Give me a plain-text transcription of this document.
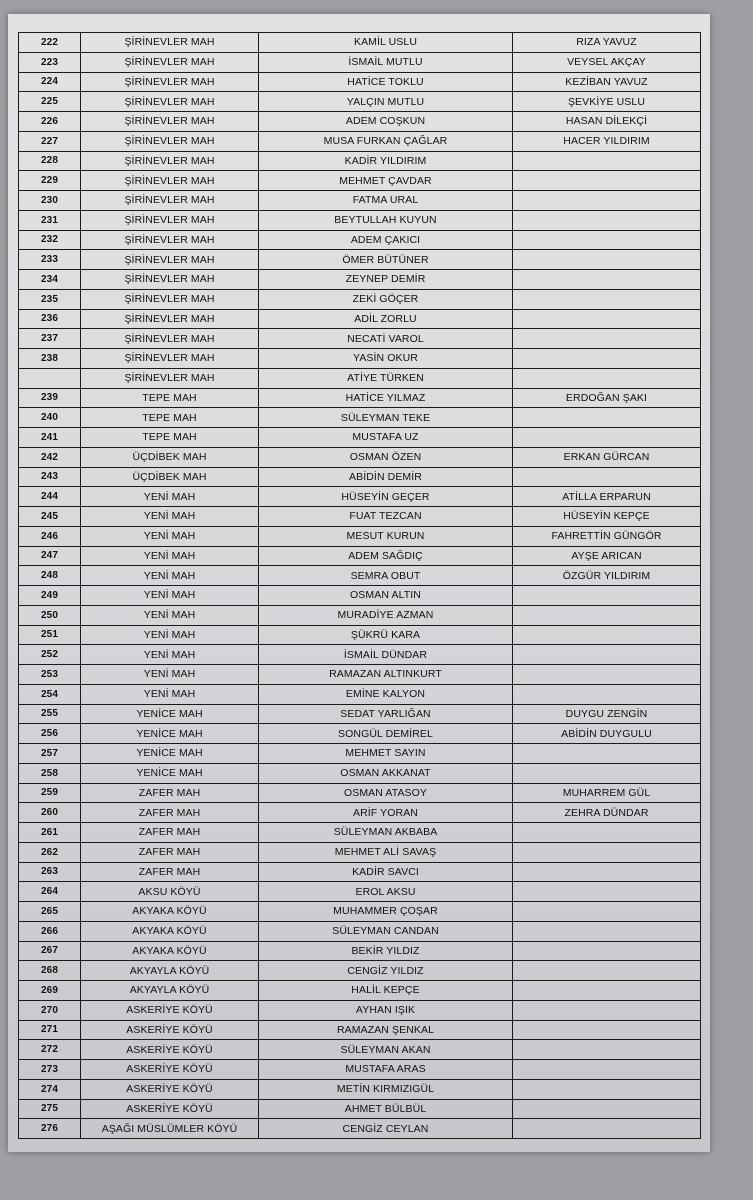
222	ŞİRİNEVLER MAH	KAMİL USLU	RIZA YAVUZ
223	ŞİRİNEVLER MAH	İSMAİL MUTLU	VEYSEL AKÇAY
224	ŞİRİNEVLER MAH	HATİCE TOKLU	KEZİBAN YAVUZ
225	ŞİRİNEVLER MAH	YALÇIN MUTLU	ŞEVKİYE USLU
226	ŞİRİNEVLER MAH	ADEM COŞKUN	HASAN DİLEKÇİ
227	ŞİRİNEVLER MAH	MUSA FURKAN ÇAĞLAR	HACER YILDIRIM
228	ŞİRİNEVLER MAH	KADİR YILDIRIM	
229	ŞİRİNEVLER MAH	MEHMET ÇAVDAR	
230	ŞİRİNEVLER MAH	FATMA URAL	
231	ŞİRİNEVLER MAH	BEYTULLAH KUYUN	
232	ŞİRİNEVLER MAH	ADEM ÇAKICI	
233	ŞİRİNEVLER MAH	ÖMER BÜTÜNER	
234	ŞİRİNEVLER MAH	ZEYNEP DEMİR	
235	ŞİRİNEVLER MAH	ZEKİ GÖÇER	
236	ŞİRİNEVLER MAH	ADİL ZORLU	
237	ŞİRİNEVLER MAH	NECATİ VAROL	
238	ŞİRİNEVLER MAH	YASİN OKUR	
	ŞİRİNEVLER MAH	ATİYE TÜRKEN	
239	TEPE MAH	HATİCE YILMAZ	ERDOĞAN ŞAKI
240	TEPE MAH	SÜLEYMAN TEKE	
241	TEPE MAH	MUSTAFA UZ	
242	ÜÇDİBEK MAH	OSMAN ÖZEN	ERKAN GÜRCAN
243	ÜÇDİBEK MAH	ABİDİN DEMİR	
244	YENİ MAH	HÜSEYİN GEÇER	ATİLLA ERPARUN
245	YENİ MAH	FUAT TEZCAN	HÜSEYİN KEPÇE
246	YENİ MAH	MESUT KURUN	FAHRETTİN GÜNGÖR
247	YENİ MAH	ADEM SAĞDIÇ	AYŞE ARICAN
248	YENİ MAH	SEMRA OBUT	ÖZGÜR YILDIRIM
249	YENİ MAH	OSMAN ALTIN	
250	YENİ MAH	MURADİYE AZMAN	
251	YENİ MAH	ŞÜKRÜ KARA	
252	YENİ MAH	İSMAİL DÜNDAR	
253	YENİ MAH	RAMAZAN ALTINKURT	
254	YENİ MAH	EMİNE KALYON	
255	YENİCE MAH	SEDAT YARLIĞAN	DUYGU ZENGİN
256	YENİCE MAH	SONGÜL DEMİREL	ABİDİN DUYGULU
257	YENİCE MAH	MEHMET SAYIN	
258	YENİCE MAH	OSMAN AKKANAT	
259	ZAFER MAH	OSMAN ATASOY	MUHARREM GÜL
260	ZAFER MAH	ARİF YORAN	ZEHRA DÜNDAR
261	ZAFER MAH	SÜLEYMAN AKBABA	
262	ZAFER MAH	MEHMET ALİ SAVAŞ	
263	ZAFER MAH	KADİR SAVCI	
264	AKSU KÖYÜ	EROL AKSU	
265	AKYAKA KÖYÜ	MUHAMMER ÇOŞAR	
266	AKYAKA KÖYÜ	SÜLEYMAN CANDAN	
267	AKYAKA KÖYÜ	BEKİR YILDIZ	
268	AKYAYLA KÖYÜ	CENGİZ YILDIZ	
269	AKYAYLA KÖYÜ	HALİL KEPÇE	
270	ASKERİYE KÖYÜ	AYHAN IŞIK	
271	ASKERİYE KÖYÜ	RAMAZAN ŞENKAL	
272	ASKERİYE KÖYÜ	SÜLEYMAN AKAN	
273	ASKERİYE KÖYÜ	MUSTAFA ARAS	
274	ASKERİYE KÖYÜ	METİN KIRMIZIGÜL	
275	ASKERİYE KÖYÜ	AHMET BÜLBÜL	
276	AŞAĞI MÜSLÜMLER KÖYÜ	CENGİZ CEYLAN	
